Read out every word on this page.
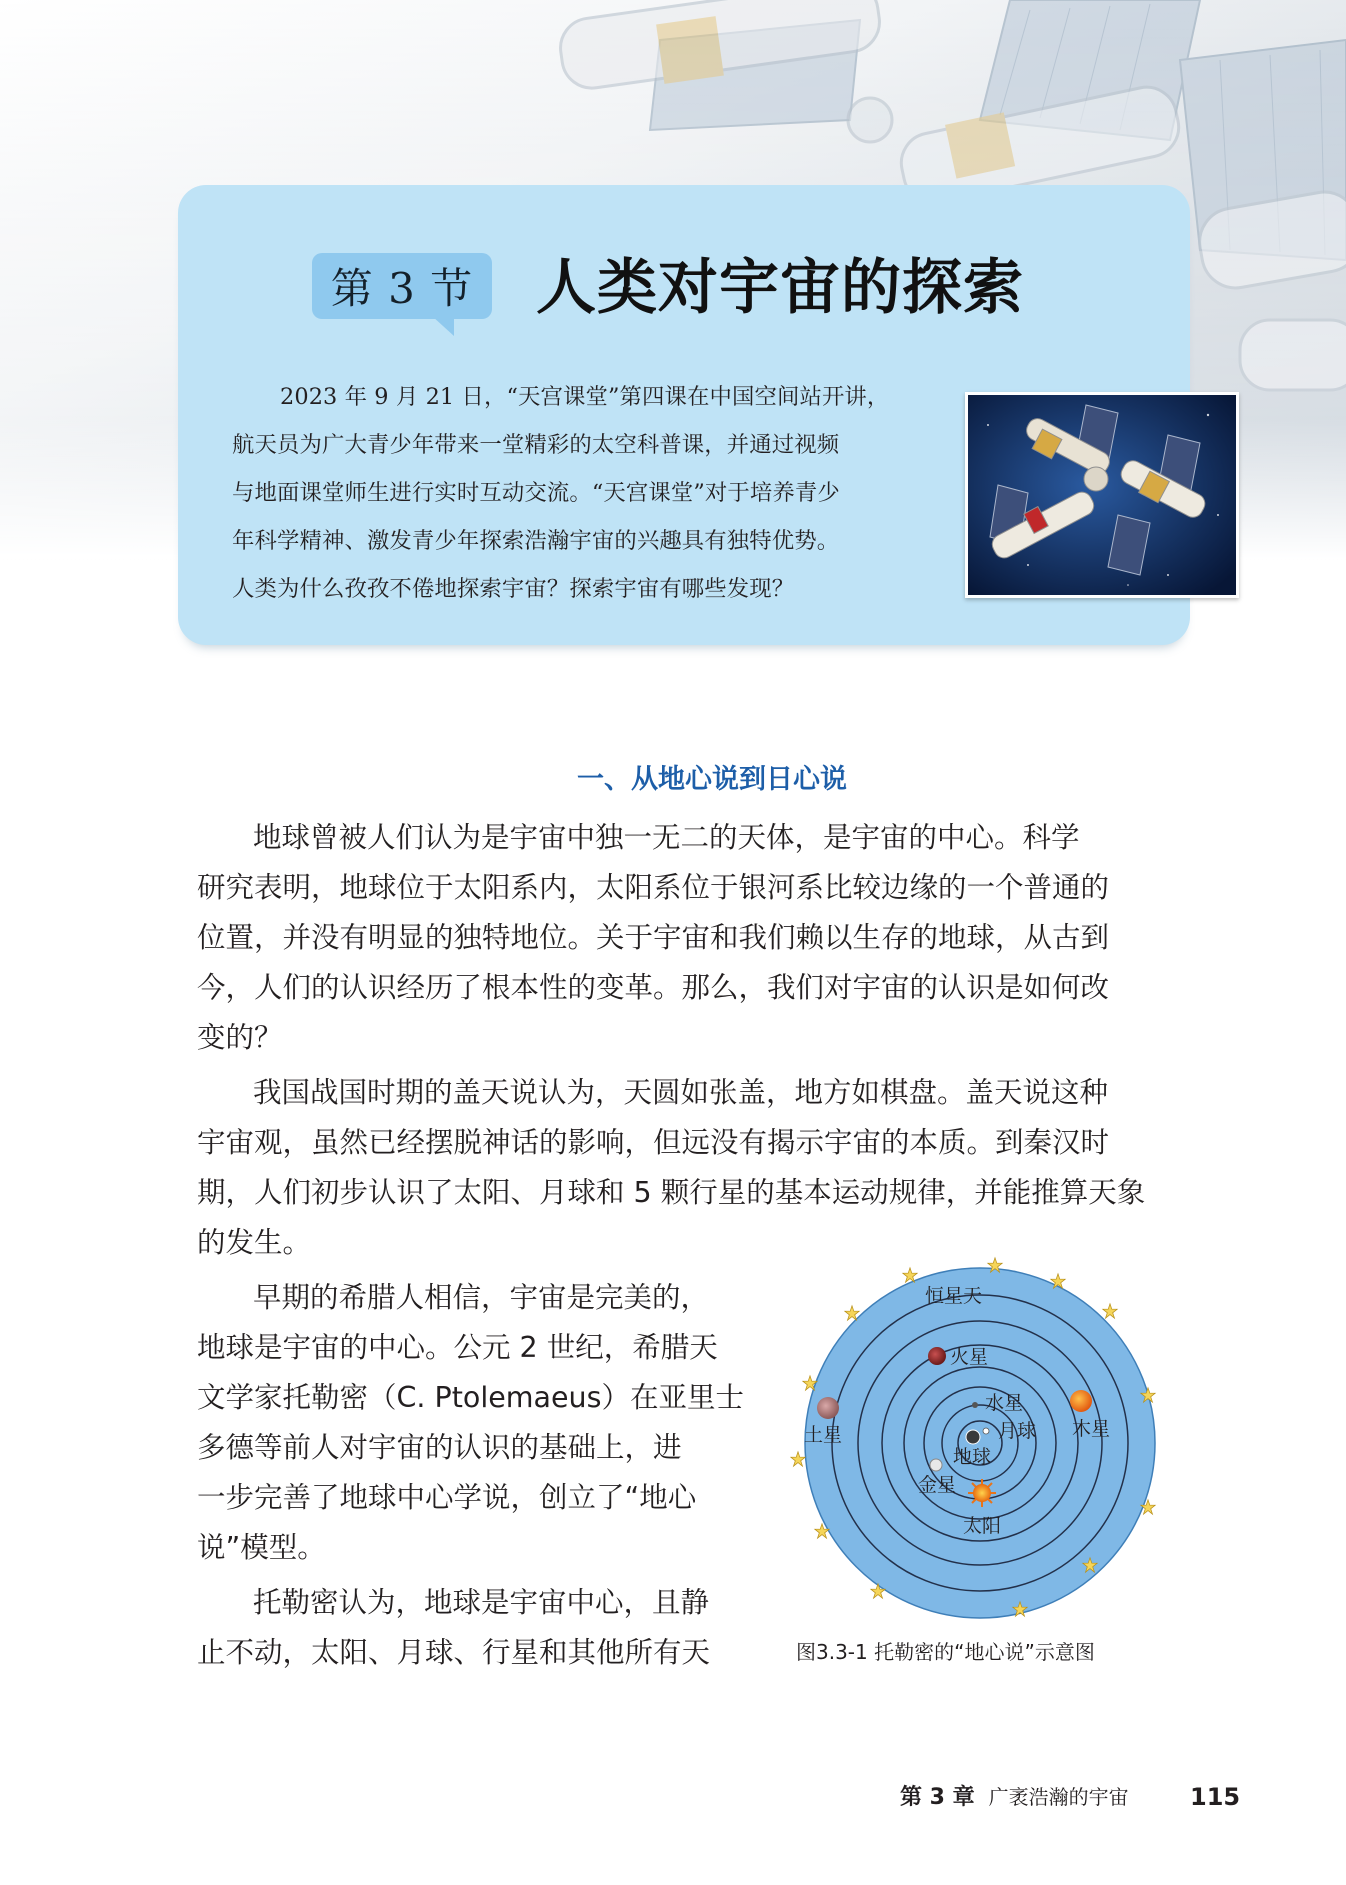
第 3 节	人类对宇宙的探索
2023 年 9 月 21 日，“天宫课堂”第四课在中国空间站开讲，
航天员为广大青少年带来一堂精彩的太空科普课，并通过视频
与地面课堂师生进行实时互动交流。“天宫课堂”对于培养青少
年科学精神、激发青少年探索浩瀚宇宙的兴趣具有独特优势。
人类为什么孜孜不倦地探索宇宙？探索宇宙有哪些发现？
一、从地心说到日心说
地球曾被人们认为是宇宙中独一无二的天体，是宇宙的中心。科学
研究表明，地球位于太阳系内，太阳系位于银河系比较边缘的一个普通的
位置，并没有明显的独特地位。关于宇宙和我们赖以生存的地球，从古到
今，人们的认识经历了根本性的变革。那么，我们对宇宙的认识是如何改
变的？
我国战国时期的盖天说认为，天圆如张盖，地方如棋盘。盖天说这种
宇宙观，虽然已经摆脱神话的影响，但远没有揭示宇宙的本质。到秦汉时
期，人们初步认识了太阳、月球和 5 颗行星的基本运动规律，并能推算天象
的发生。
早期的希腊人相信，宇宙是完美的，
地球是宇宙的中心。公元 2 世纪，希腊天
文学家托勒密（C. Ptolemaeus）在亚里士
多德等前人对宇宙的认识的基础上，进
一步完善了地球中心学说，创立了“地心
说”模型。
托勒密认为，地球是宇宙中心，且静
止不动，太阳、月球、行星和其他所有天
恒星天
火星
水星
木星
土星	月球
地球
金星
太阳
图3.3-1 托勒密的“地心说”示意图
第 3 章 广袤浩瀚的宇宙	115
